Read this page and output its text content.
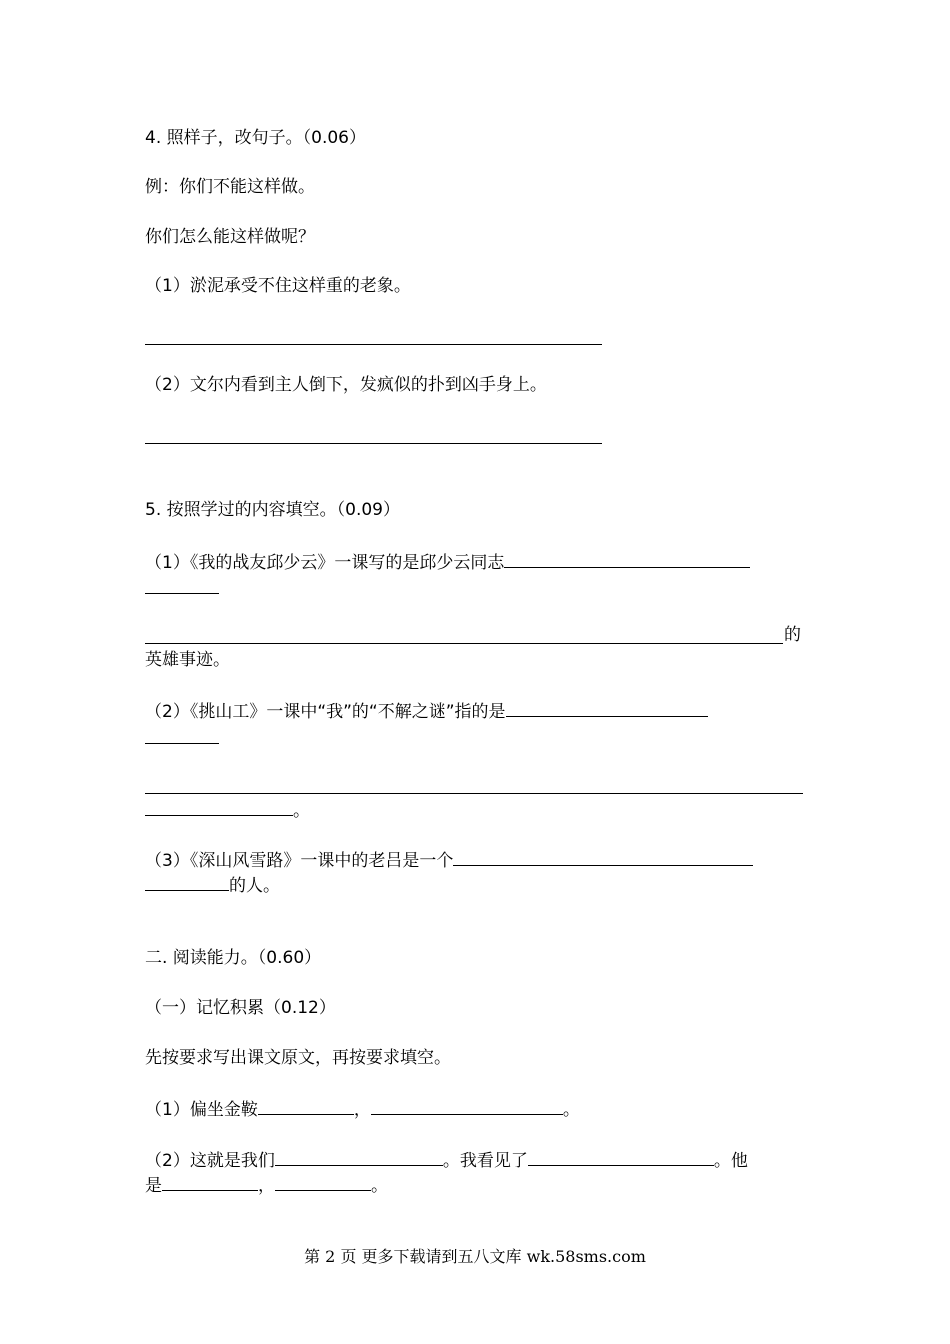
4. 照样子，改句子。（0.06）
例：你们不能这样做。
你们怎么能这样做呢？
（1）淤泥承受不住这样重的老象。
（2）文尔内看到主人倒下，发疯似的扑到凶手身上。
5. 按照学过的内容填空。（0.09）
（1）《我的战友邱少云》一课写的是邱少云同志
的
英雄事迹。
（2）《挑山工》一课中“我”的“不解之谜”指的是
。
（3）《深山风雪路》一课中的老吕是一个
的人。
二. 阅读能力。（0.60）
（一）记忆积累（0.12）
先按要求写出课文原文，再按要求填空。
（1）偏坐金鞍	，	。
（2）这就是我们	。我看见了	。他
是	，	。
第 2 页 更多下载请到五八文库 wk.58sms.com
